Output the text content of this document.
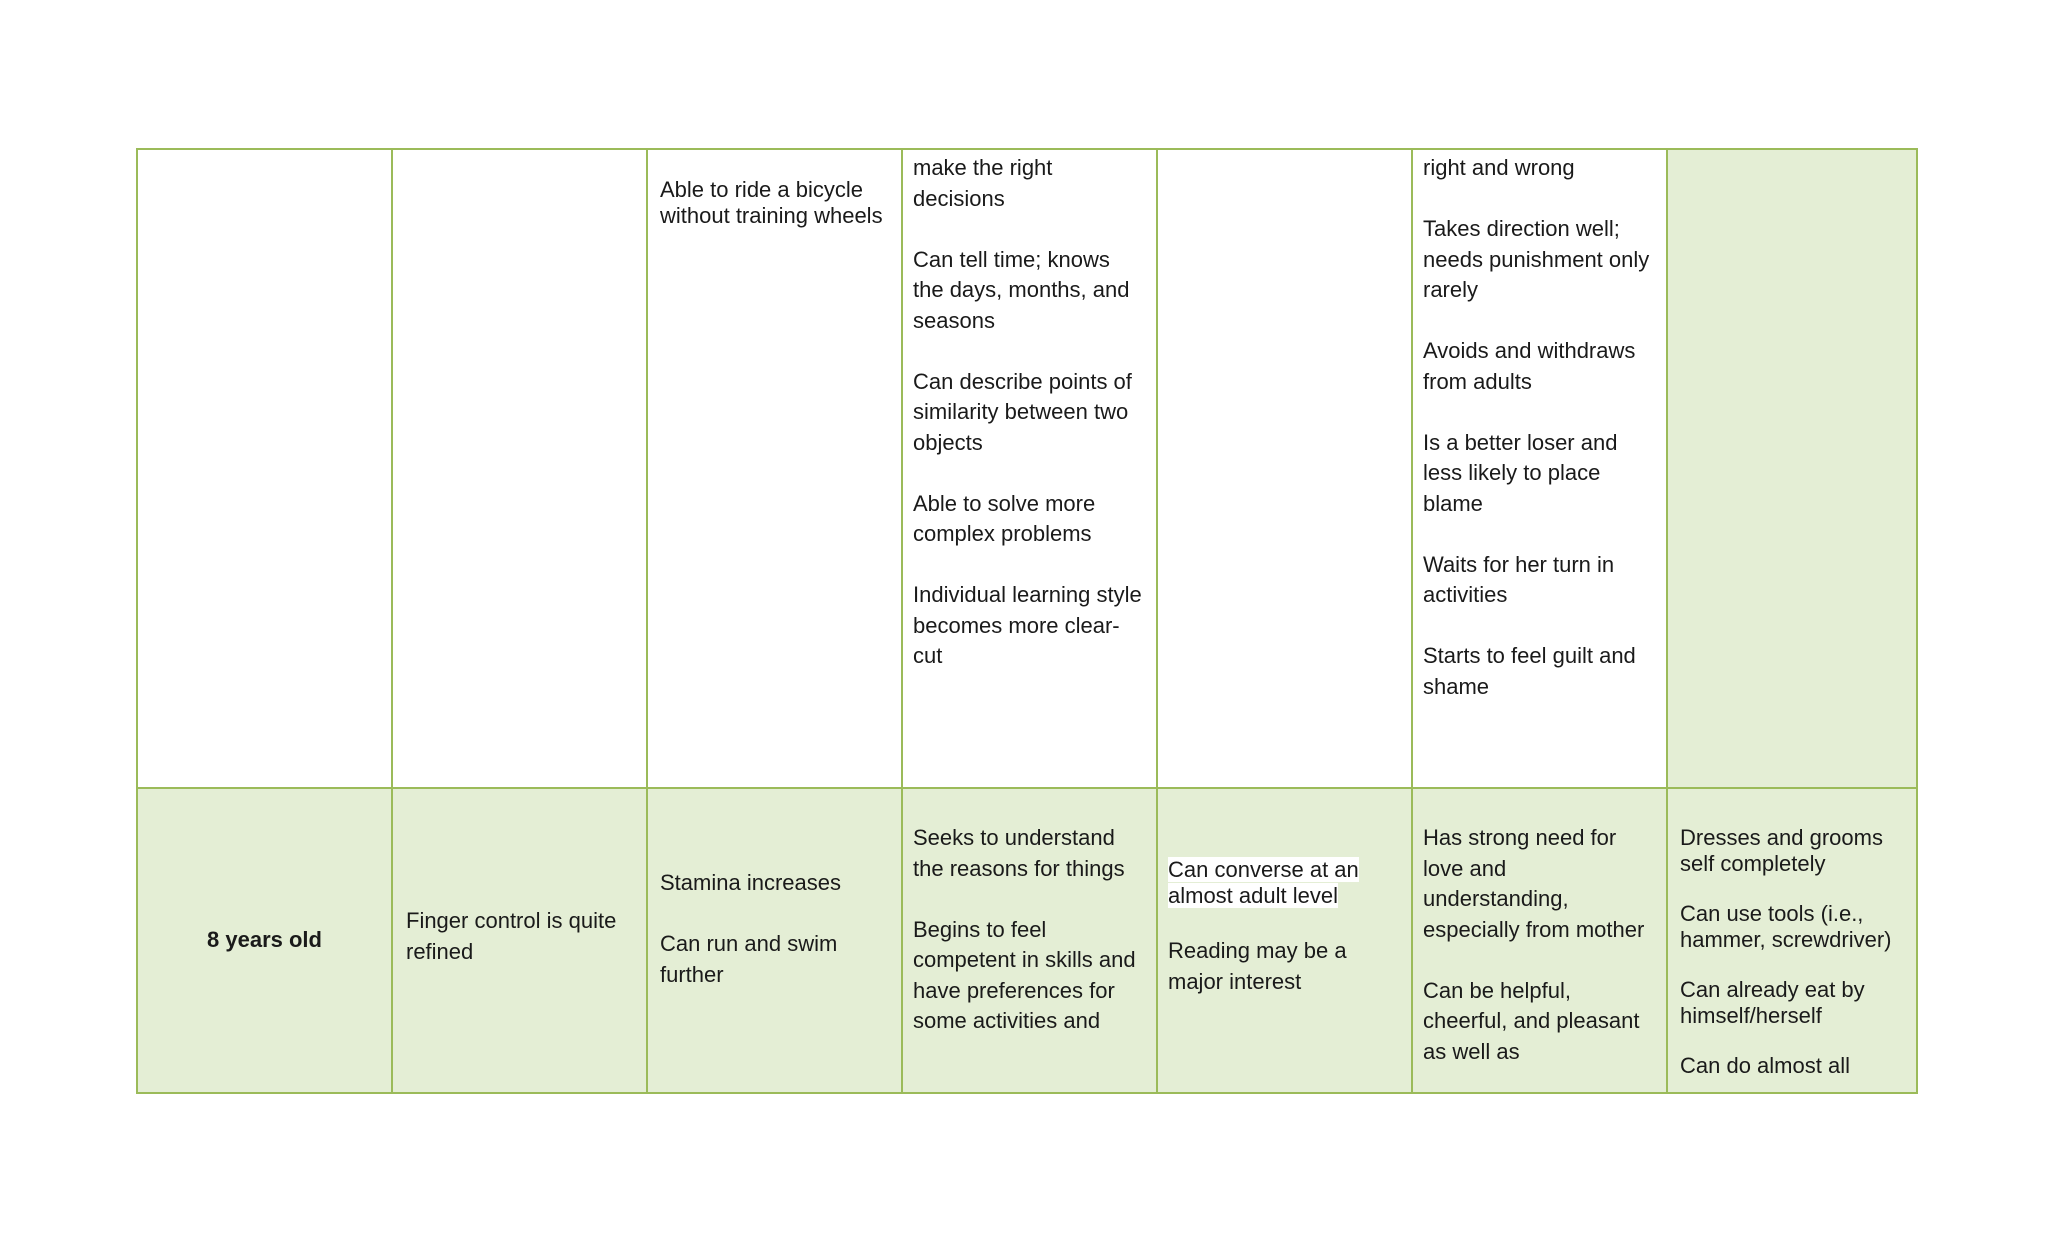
Able to ride a bicycle without training wheels
make the right decisions
Can tell time; knows the days, months, and seasons
Can describe points of similarity between two objects
Able to solve more complex problems
Individual learning style becomes more clear-cut
right and wrong
Takes direction well; needs punishment only rarely
Avoids and withdraws from adults
Is a better loser and less likely to place blame
Waits for her turn in activities
Starts to feel guilt and shame
8 years old
Finger control is quite refined
Stamina increases
Can run and swim further
Seeks to understand the reasons for things
Begins to feel competent in skills and have preferences for some activities and
Can converse at an almost adult level
Reading may be a major interest
Has strong need for love and understanding, especially from mother
Can be helpful, cheerful, and pleasant as well as
Dresses and grooms self completely
Can use tools (i.e., hammer, screwdriver)
Can already eat by himself/herself
Can do almost all
